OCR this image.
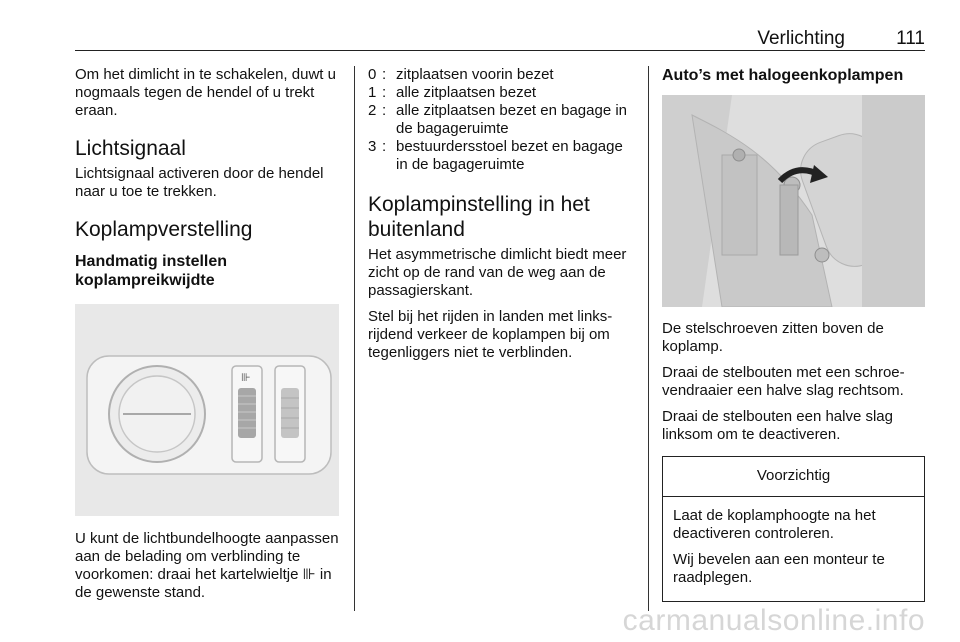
Verlichting	111

Om het dimlicht in te schakelen, duwt u nogmaals tegen de hendel of u trekt eraan.

Lichtsignaal

Lichtsignaal activeren door de hendel naar u toe te trekken.

Koplampverstelling
Handmatig instellen koplampreikwijdte
⊪

U kunt de lichtbundelhoogte aanpassen aan de belading om verblinding te voorkomen: draai het kartelwieltje ⊪ in de gewenste stand.

0 : zitplaatsen voorin bezet
1 : alle zitplaatsen bezet
2 : alle zitplaatsen bezet en bagage in de bagageruimte
3 : bestuurdersstoel bezet en bagage in de bagageruimte
Koplampinstelling in het buitenland

Het asymmetrische dimlicht biedt meer zicht op de rand van de weg aan de passagierskant.

Stel bij het rijden in landen met linksrijdend verkeer de koplampen bij om tegenliggers niet te verblinden.

Auto’s met halogeenkoplampen

De stelschroeven zitten boven de koplamp.

Draai de stelbouten met een schroevendraaier een halve slag rechtsom.

Draai de stelbouten een halve slag linksom om te deactiveren.

Voorzichtig

Laat de koplamphoogte na het deactiveren controleren.

Wij bevelen aan een monteur te raadplegen.

carmanualsonline.info
